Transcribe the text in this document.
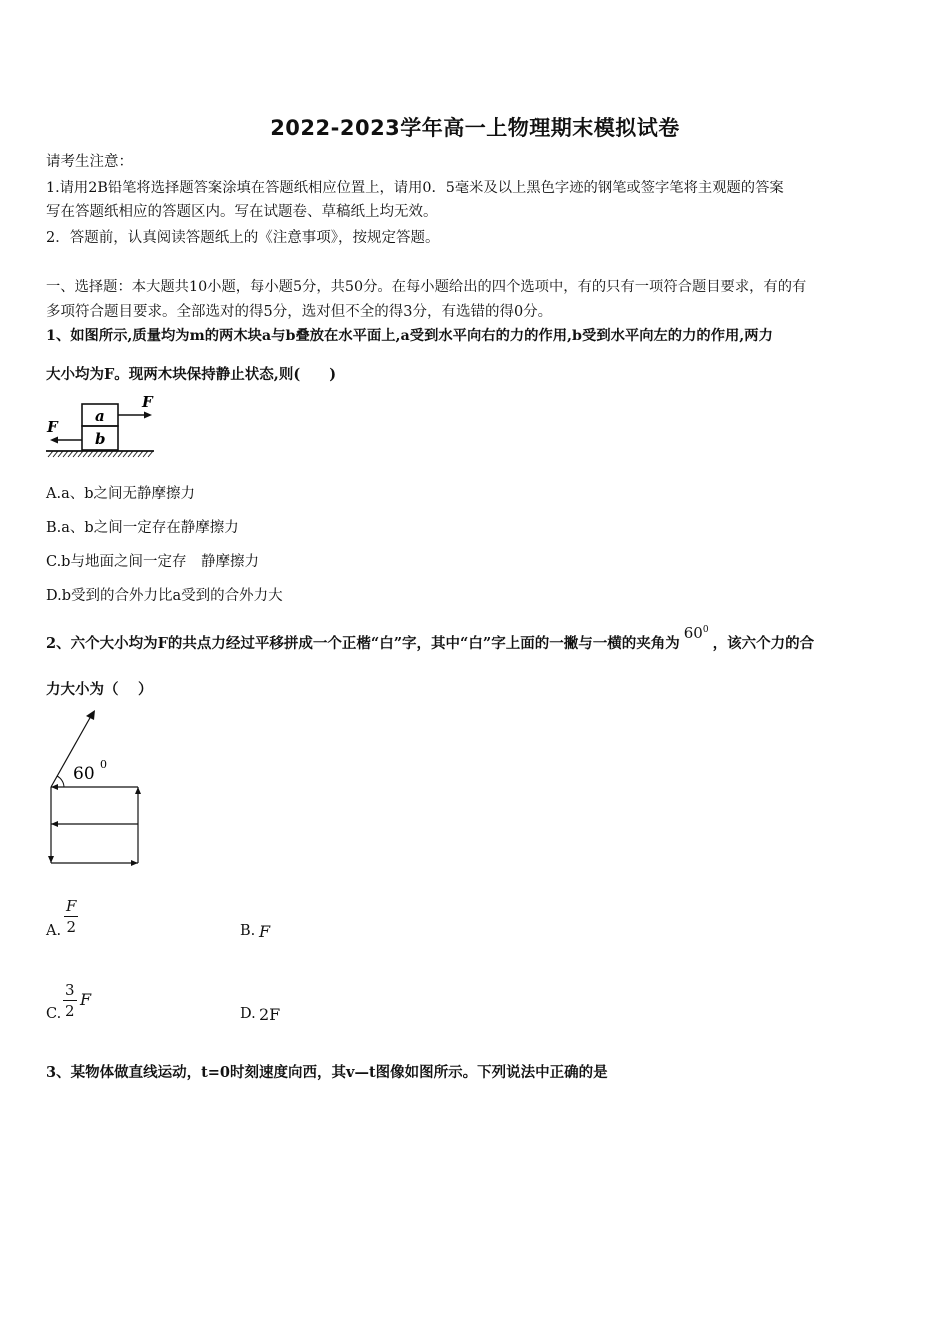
2022-2023学年高一上物理期末模拟试卷
请考生注意：
1.请用2B铅笔将选择题答案涂填在答题纸相应位置上，请用0．5毫米及以上黑色字迹的钢笔或签字笔将主观题的答案
写在答题纸相应的答题区内。写在试题卷、草稿纸上均无效。
2．答题前，认真阅读答题纸上的《注意事项》，按规定答题。
一、选择题：本大题共10小题，每小题5分，共50分。在每小题给出的四个选项中，有的只有一项符合题目要求，有的有
多项符合题目要求。全部选对的得5分，选对但不全的得3分，有选错的得0分。
1、如图所示,质量均为m的两木块a与b叠放在水平面上,a受到水平向右的力的作用,b受到水平向左的力的作用,两力
大小均为F。现两木块保持静止状态,则(　　)
a
b
F
F
A.a、b之间无静摩擦力
B.a、b之间一定存在静摩擦力
C.b与地面之间一定存　静摩擦力
D.b受到的合外力比a受到的合外力大
2、六个大小均为F的共点力经过平移拼成一个正楷“白”字，其中“白”字上面的一撇与一横的夹角为$60^0$，该六个力的合
力大小为（　 ）
60 0
A. $\frac{F}{2}$	B. F
C. $\frac{3}{2}$ F
D. 2F
3、某物体做直线运动，t=0时刻速度向西，其v—t图像如图所示。下列说法中正确的是
